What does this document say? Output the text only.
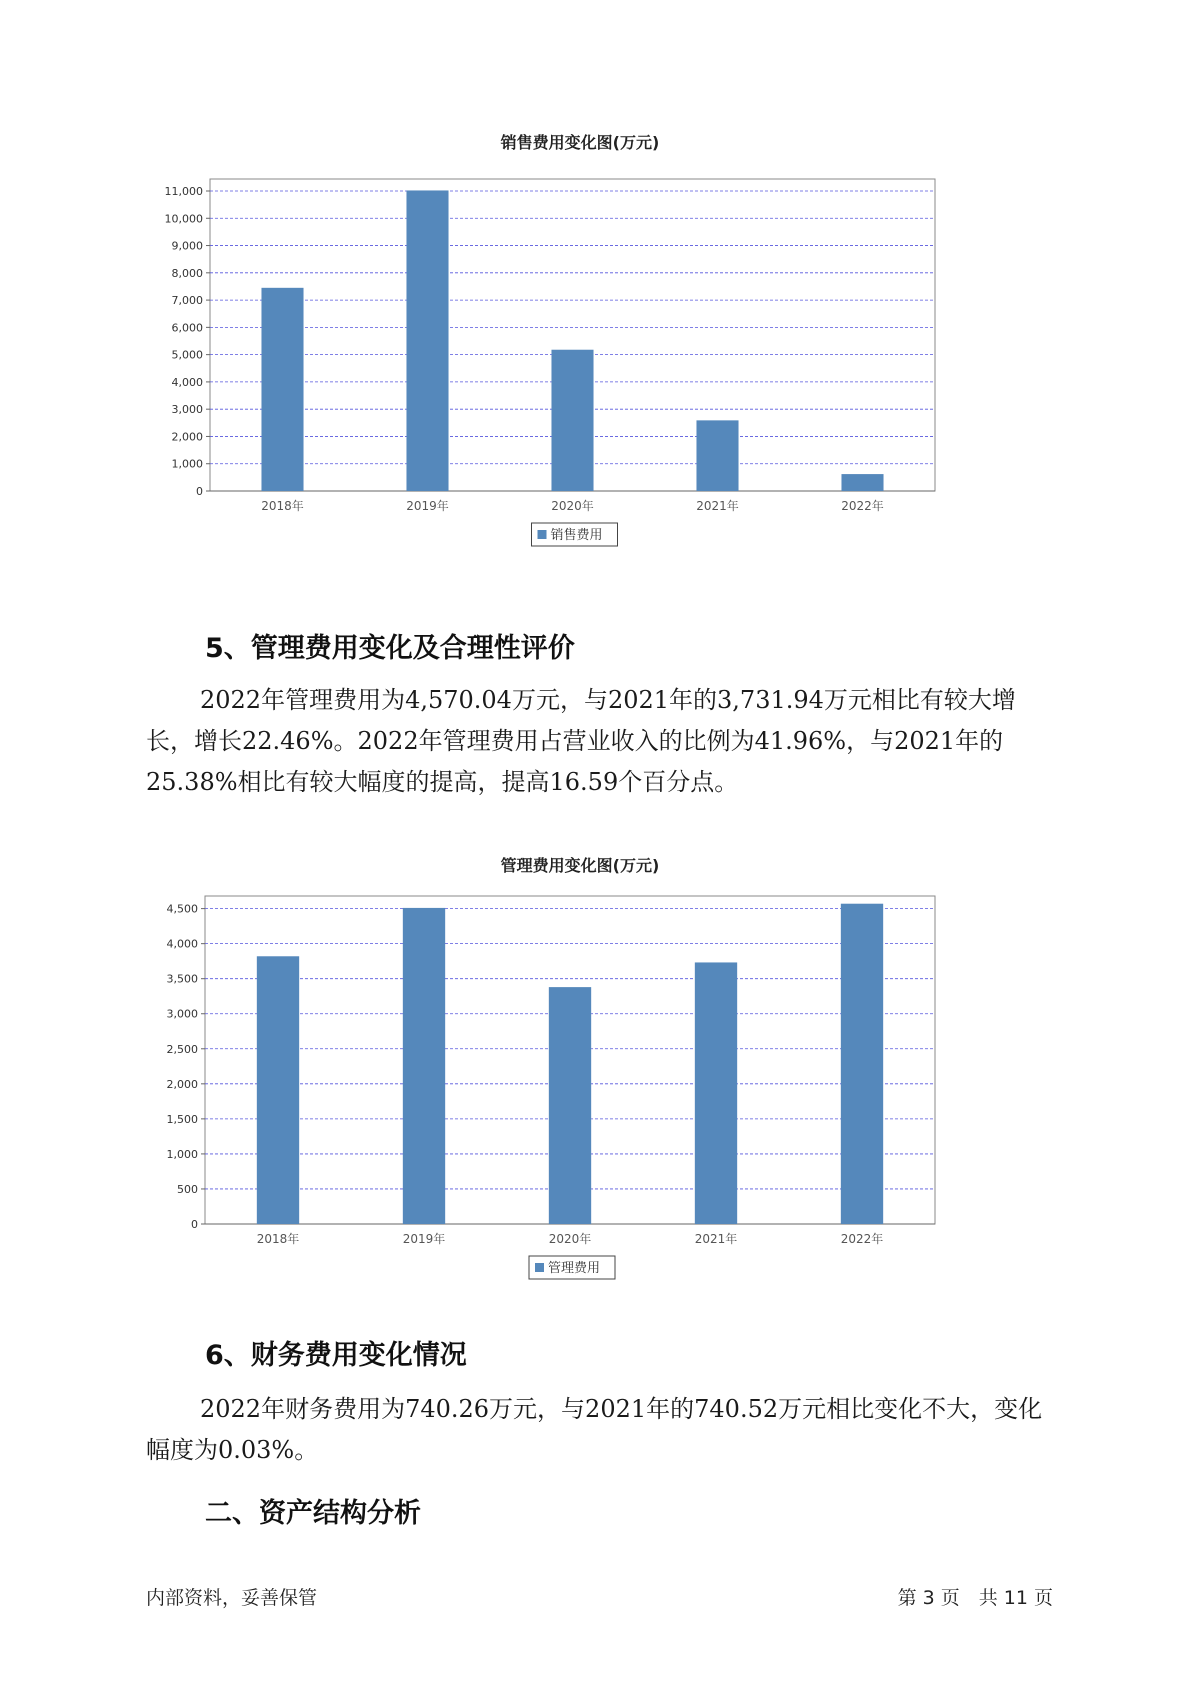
销售费用变化图(万元)
0
1,000
2,000
3,000
4,000
5,000
6,000
7,000
8,000
9,000
10,000
11,000
2018年	2019年	2020年	2021年	2022年
销售费用
5、管理费用变化及合理性评价

2022年管理费用为4,570.04万元，与2021年的3,731.94万元相比有较大增长，增长22.46%。2022年管理费用占营业收入的比例为41.96%，与2021年的25.38%相比有较大幅度的提高，提高16.59个百分点。

管理费用变化图(万元)
0
500
1,000
1,500
2,000
2,500
3,000
3,500
4,000
4,500
2018年	2019年	2020年	2021年	2022年
管理费用
6、财务费用变化情况

2022年财务费用为740.26万元，与2021年的740.52万元相比变化不大，变化幅度为0.03%。

二、资产结构分析
内部资料，妥善保管	第 3 页　共 11 页
